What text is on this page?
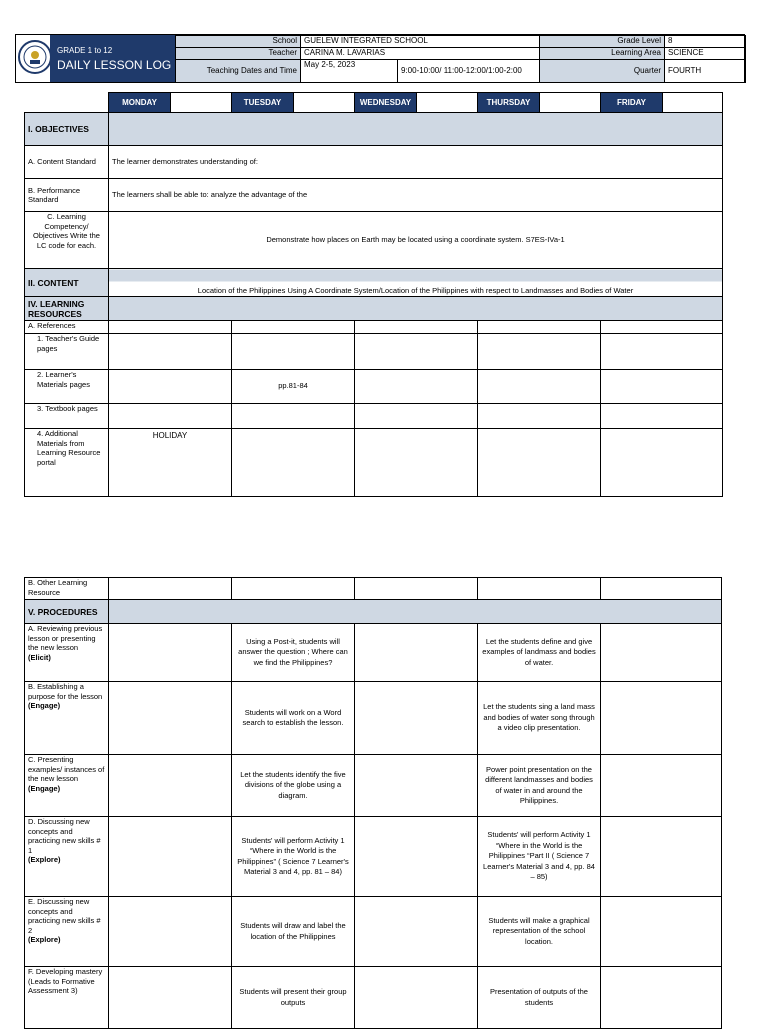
GRADE 1 to 12
DAILY LESSON LOG
School	GUELEW INTEGRATED SCHOOL		Grade Level	8
Teacher	CARINA M. LAVARIAS		Learning Area	SCIENCE
Teaching Dates and Time	May 2-5, 2023	9:00-10:00/ 11:00-12:00/1:00-2:00	Quarter	FOURTH
	MONDAY		TUESDAY		WEDNESDAY		THURSDAY		FRIDAY	
I. OBJECTIVES										
A. Content Standard	The learner demonstrates understanding of:									
B. Performance Standard	The learners shall be able to: analyze the advantage of the									
C. Learning Competency/ Objectives Write the LC code for each.	Demonstrate how places on Earth may be located using a coordinate system. S7ES-IVa-1									
II. CONTENT	Location of the Philippines Using A Coordinate System/Location of the Philippines with respect to Landmasses and Bodies of Water									
IV. LEARNING RESOURCES										
A. References										
1. Teacher's Guide pages										
2. Learner's Materials pages			pp.81-84							
3. Textbook pages										
4. Additional Materials from Learning Resource portal	HOLIDAY									
B. Other Learning Resource					
V. PROCEDURES					
A. Reviewing previous lesson or presenting the new lesson
(Elicit)		Using a Post-it, students will answer the question ; Where can we find the Philippines?		Let the students define and give examples of landmass and bodies of water.	
B. Establishing a purpose for the lesson
(Engage)		Students will work on a Word search to establish the lesson.		Let the students sing a land mass and bodies of water song through a video clip presentation.	
C. Presenting examples/ instances of the new lesson
(Engage)		Let the students identify the five divisions of the globe using a diagram.		Power point presentation on the different landmasses and bodies of water in and around the Philippines.	
D. Discussing new concepts and practicing new skills # 1
(Explore)		Students' will perform Activity 1 “Where in the World is the Philippines” ( Science 7 Learner's Material 3 and 4, pp. 81 – 84)		Students' will perform Activity 1 “Where in the World is the Philippines “Part II ( Science 7 Learner's Material 3 and 4, pp. 84 – 85)	
E. Discussing new concepts and practicing new skills # 2
(Explore)		Students will draw and label the location of the Philippines		Students will make a graphical representation of the school location.	
F. Developing mastery (Leads to Formative Assessment 3)		Students will present their group outputs		Presentation of outputs of the students	
